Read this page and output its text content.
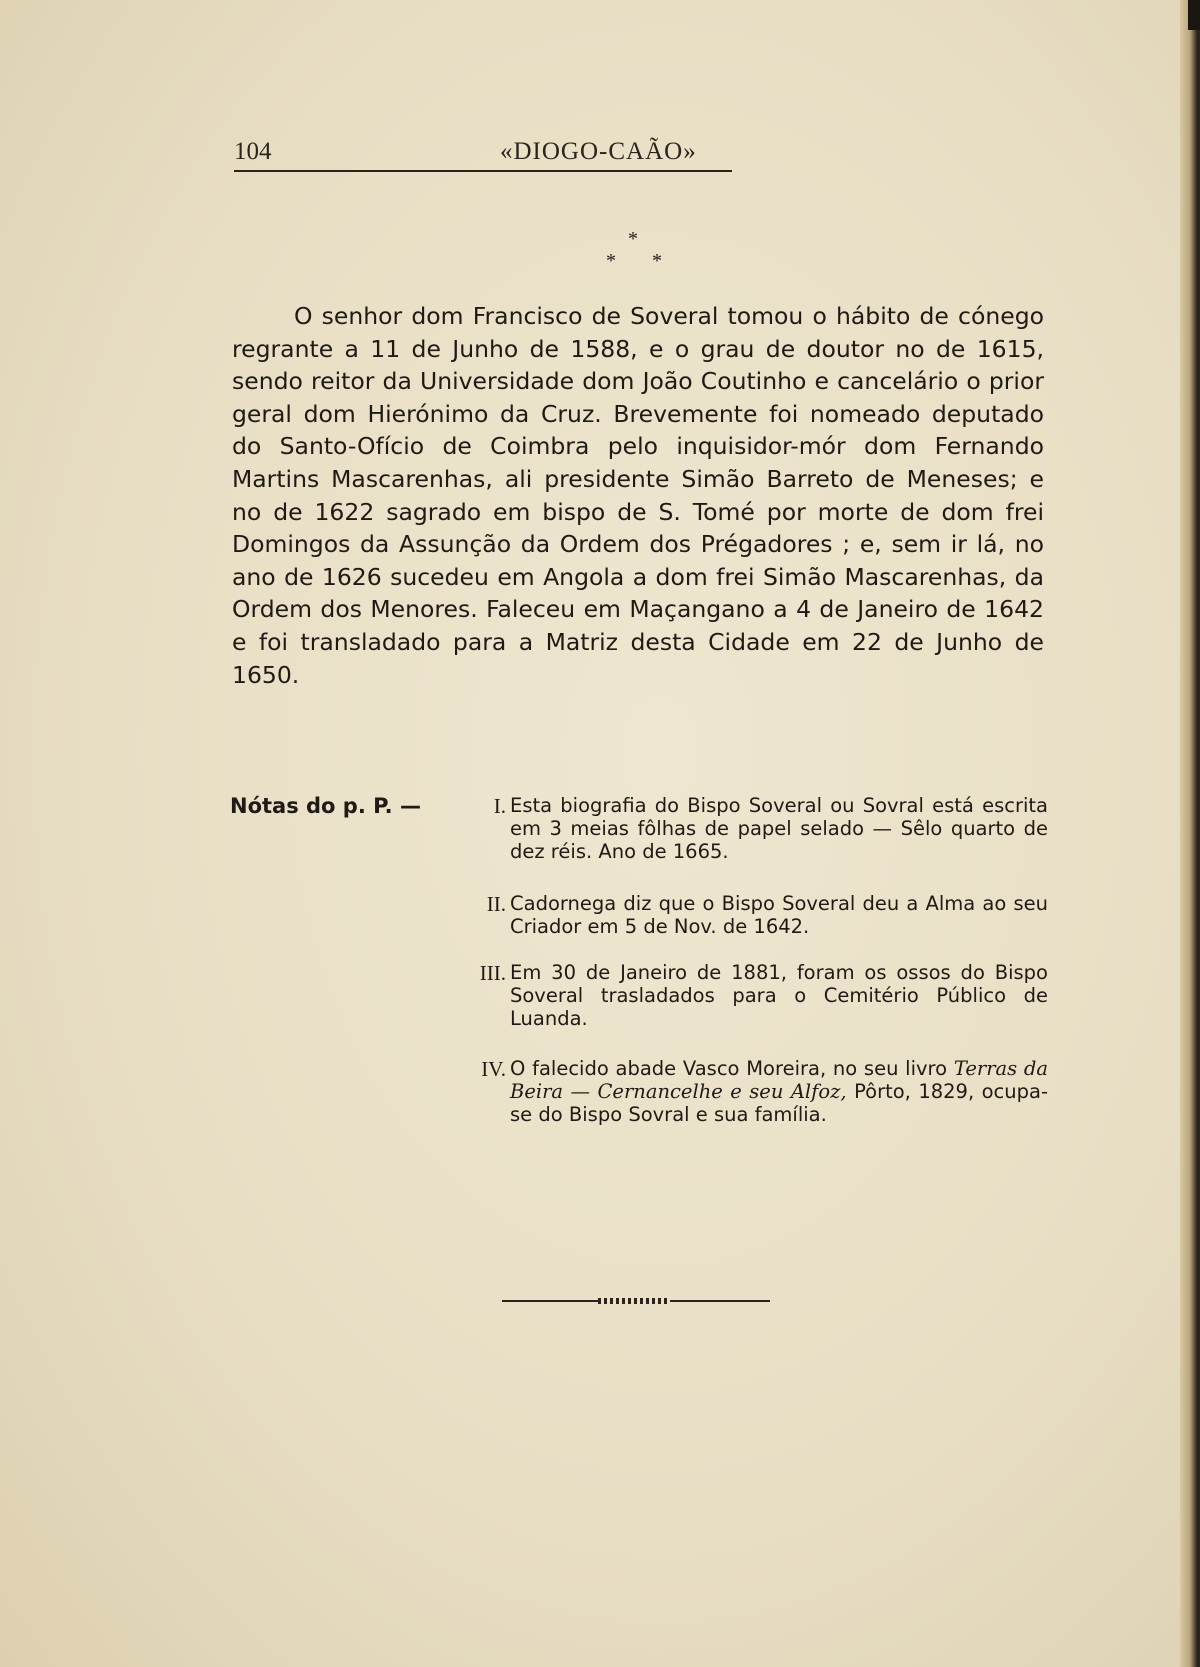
104	«DIOGO-CAÃO»
*
* *

O senhor dom Francisco de Soveral tomou o hábito de cónego regrante a 11 de Junho de 1588, e o grau de doutor no de 1615, sendo reitor da Universidade dom João Coutinho e cancelário o prior geral dom Hierónimo da Cruz. Brevemente foi nomeado deputado do Santo-Ofício de Coimbra pelo inquisidor-mór dom Fernando Martins Mascarenhas, ali presidente Simão Barreto de Meneses; e no de 1622 sagrado em bispo de S. Tomé por morte de dom frei Domingos da Assunção da Ordem dos Prégadores ; e, sem ir lá, no ano de 1626 sucedeu em Angola a dom frei Simão Mascarenhas, da Ordem dos Menores. Faleceu em Maçangano a 4 de Janeiro de 1642 e foi transladado para a Matriz desta Cidade em 22 de Junho de 1650.

Nótas do p. P. —	I. Esta biografia do Bispo Soveral ou Sovral está escrita em 3 meias fôlhas de papel selado — Sêlo quarto de dez réis. Ano de 1665.

II. Cadornega diz que o Bispo Soveral deu a Alma ao seu Criador em 5 de Nov. de 1642.

III. Em 30 de Janeiro de 1881, foram os ossos do Bispo Soveral trasladados para o Cemitério Público de Luanda.

IV. O falecido abade Vasco Moreira, no seu livro Terras da Beira — Cernancelhe e seu Alfoz, Pôrto, 1829, ocupa-se do Bispo Sovral e sua família.
